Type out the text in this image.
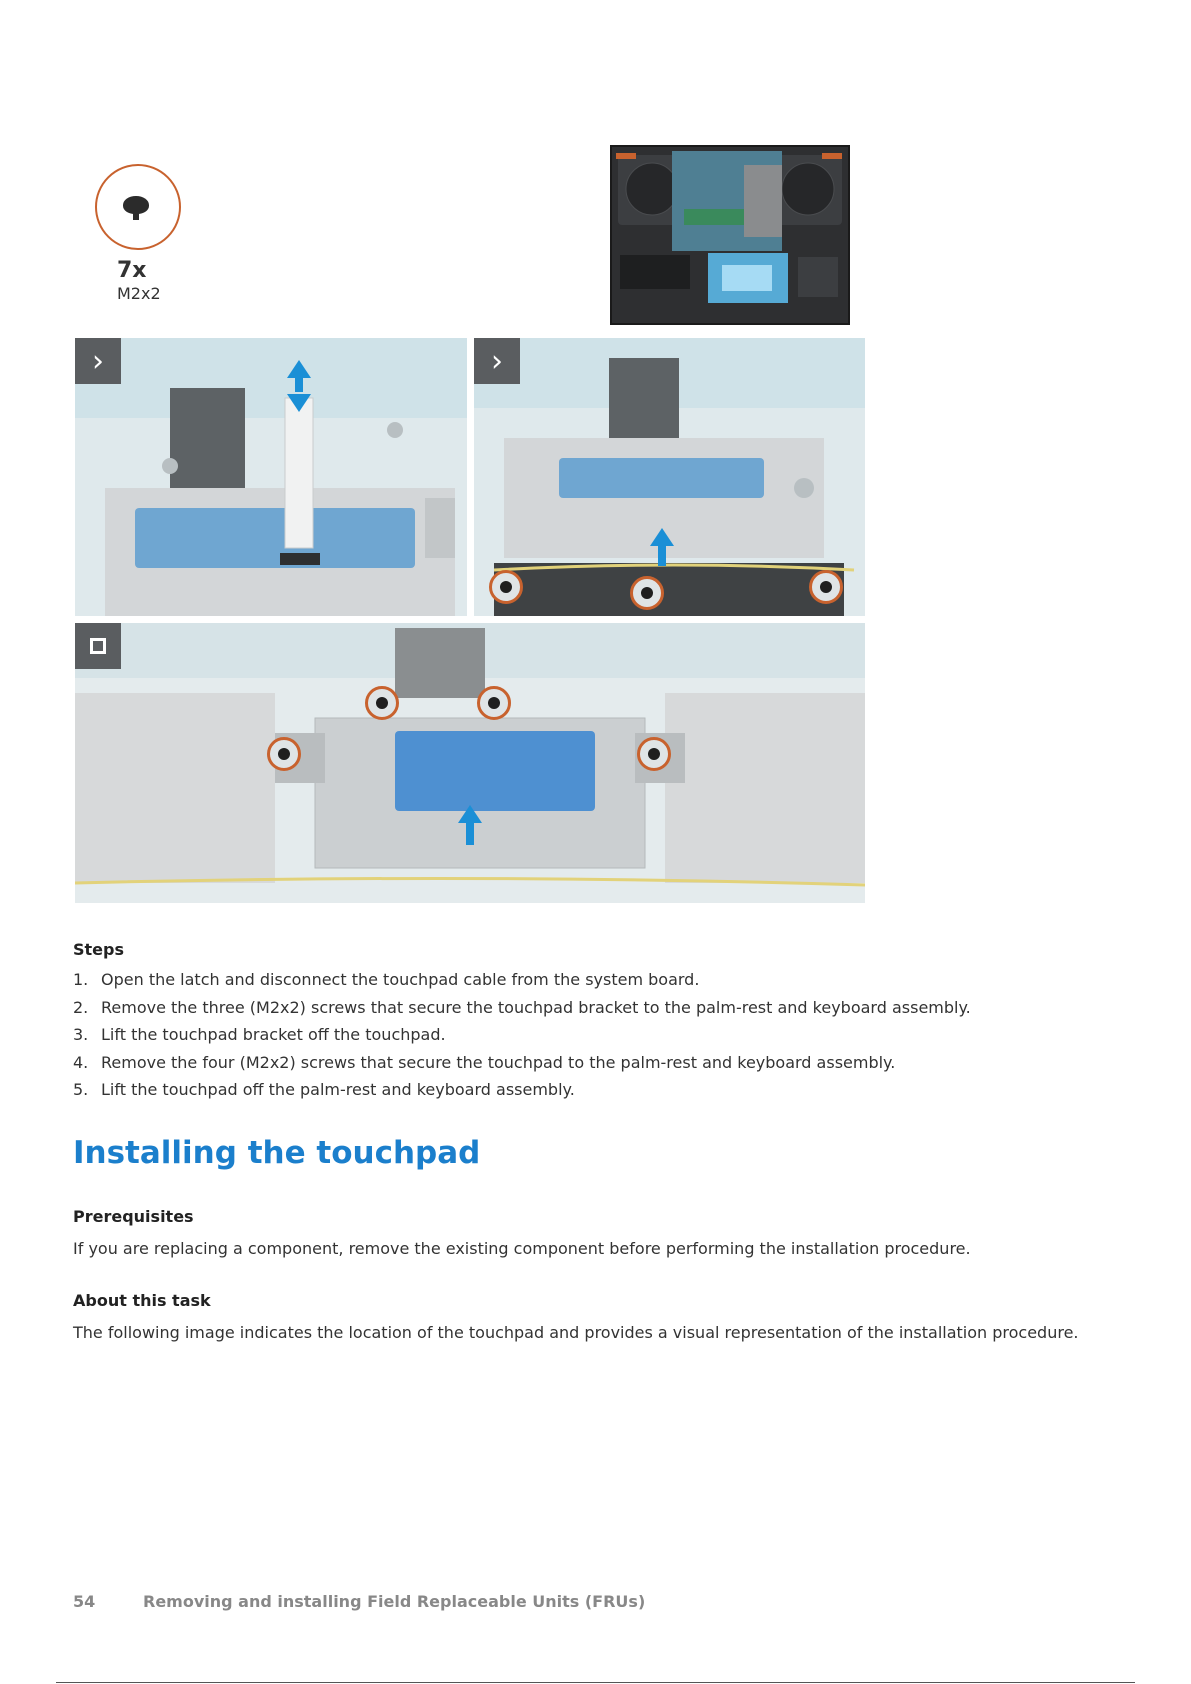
7x
M2x2
›	›
Steps
1. Open the latch and disconnect the touchpad cable from the system board.
2. Remove the three (M2x2) screws that secure the touchpad bracket to the palm-rest and keyboard assembly.
3. Lift the touchpad bracket off the touchpad.
4. Remove the four (M2x2) screws that secure the touchpad to the palm-rest and keyboard assembly.
5. Lift the touchpad off the palm-rest and keyboard assembly.
Installing the touchpad
Prerequisites
If you are replacing a component, remove the existing component before performing the installation procedure.
About this task
The following image indicates the location of the touchpad and provides a visual representation of the installation procedure.
54	Removing and installing Field Replaceable Units (FRUs)
